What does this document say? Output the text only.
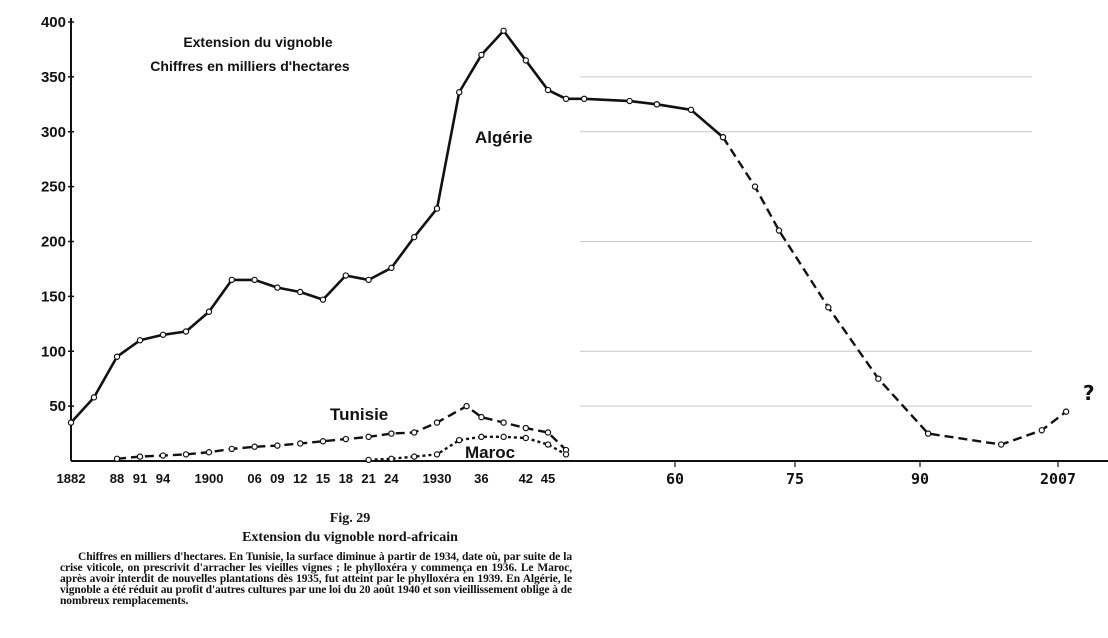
400
350
300
250
200
150
100
50
1882 88 91 94 1900 06 09 12 15 18 21 24 1930 36 42 45	60	75	90	2007
Extension du vignoble
Chiffres en milliers d'hectares
Algérie
Tunisie
Maroc
?
Fig. 29
Extension du vignoble nord-africain
Chiffres en milliers d'hectares. En Tunisie, la surface diminue à partir de 1934, date où, par suite de la crise viticole, on prescrivit d'arracher les vieilles vignes ; le phylloxéra y commença en 1936. Le Maroc, après avoir interdit de nouvelles plantations dès 1935, fut atteint par le phylloxéra en 1939. En Algérie, le vignoble a été réduit au profit d'autres cultures par une loi du 20 août 1940 et son vieillissement oblige à de nombreux remplacements.
